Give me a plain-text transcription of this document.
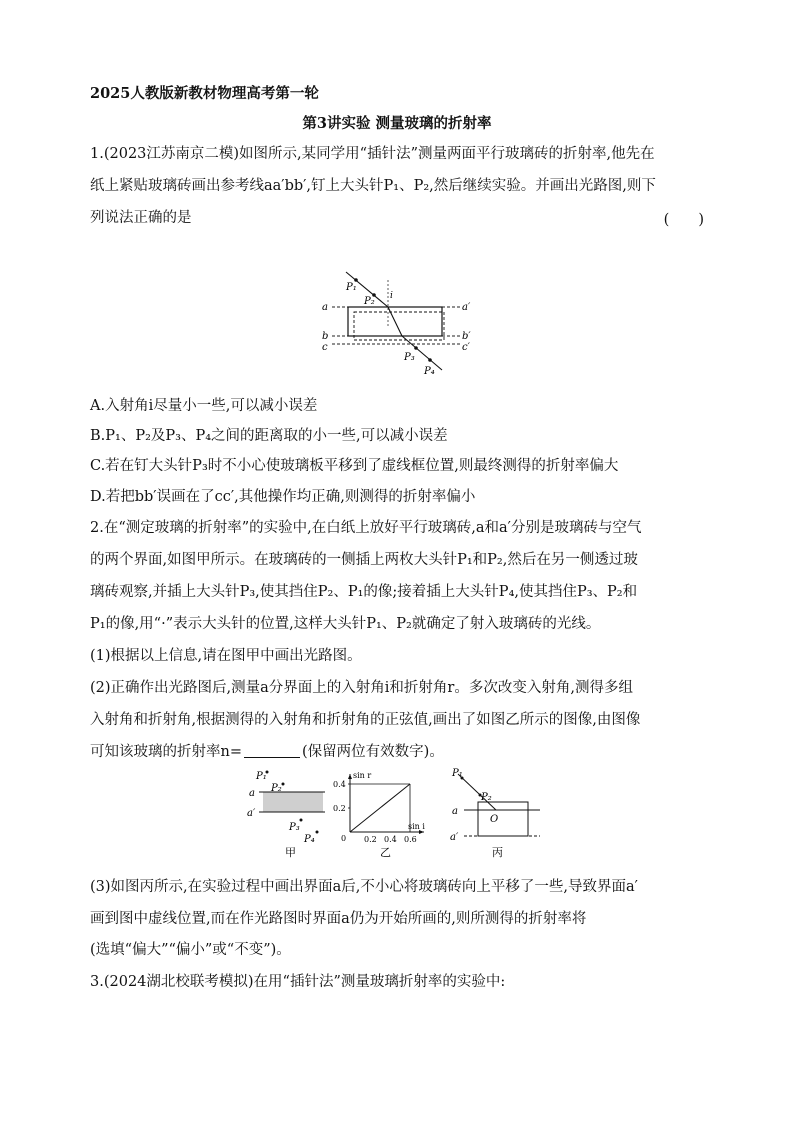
2025人教版新教材物理高考第一轮
第3讲实验 测量玻璃的折射率
1.(2023江苏南京二模)如图所示,某同学用“插针法”测量两面平行玻璃砖的折射率,他先在
纸上紧贴玻璃砖画出参考线aa′bb′,钉上大头针P₁、P₂,然后继续实验。并画出光路图,则下
列说法正确的是	(　　)
P₁
P₂ i
P₃
P₄
a	a′
b	b′
c	c′
A.入射角i尽量小一些,可以减小误差
B.P₁、P₂及P₃、P₄之间的距离取的小一些,可以减小误差
C.若在钉大头针P₃时不小心使玻璃板平移到了虚线框位置,则最终测得的折射率偏大
D.若把bb′误画在了cc′,其他操作均正确,则测得的折射率偏小
2.在“测定玻璃的折射率”的实验中,在白纸上放好平行玻璃砖,a和a′分别是玻璃砖与空气
的两个界面,如图甲所示。在玻璃砖的一侧插上两枚大头针P₁和P₂,然后在另一侧透过玻
璃砖观察,并插上大头针P₃,使其挡住P₂、P₁的像;接着插上大头针P₄,使其挡住P₃、P₂和
P₁的像,用“·”表示大头针的位置,这样大头针P₁、P₂就确定了射入玻璃砖的光线。
(1)根据以上信息,请在图甲中画出光路图。
(2)正确作出光路图后,测量a分界面上的入射角i和折射角r。多次改变入射角,测得多组
入射角和折射角,根据测得的入射角和折射角的正弦值,画出了如图乙所示的图像,由图像
可知该玻璃的折射率n=	(保留两位有效数字)。
P₁
P₂
P₃
P₄
a
a′
甲
0.2 0.4 0.6
0.2
0.4
0
sin r
sin i
乙
P₁
P₂
O
a
a′
丙
(3)如图丙所示,在实验过程中画出界面a后,不小心将玻璃砖向上平移了一些,导致界面a′
画到图中虚线位置,而在作光路图时界面a仍为开始所画的,则所测得的折射率将
(选填“偏大”“偏小”或“不变”)。
3.(2024湖北校联考模拟)在用“插针法”测量玻璃折射率的实验中:
